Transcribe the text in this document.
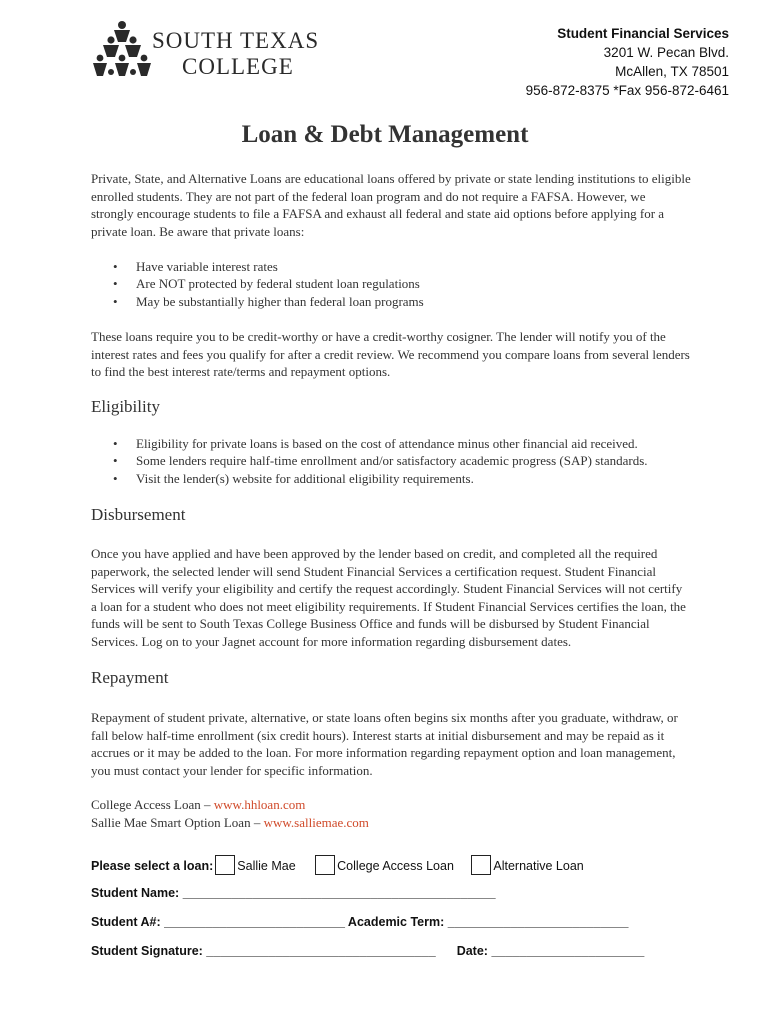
SOUTH TEXAS
COLLEGE
Student Financial Services
3201 W. Pecan Blvd.
McAllen, TX 78501
956-872-8375 *Fax 956-872-6461
Loan & Debt Management
Private, State, and Alternative Loans are educational loans offered by private or state lending institutions to eligible enrolled students. They are not part of the federal loan program and do not require a FAFSA. However, we strongly encourage students to file a FAFSA and exhaust all federal and state aid options before applying for a private loan. Be aware that private loans:
• Have variable interest rates
• Are NOT protected by federal student loan regulations
• May be substantially higher than federal loan programs
These loans require you to be credit-worthy or have a credit-worthy cosigner. The lender will notify you of the interest rates and fees you qualify for after a credit review. We recommend you compare loans from several lenders to find the best interest rate/terms and repayment options.
Eligibility
• Eligibility for private loans is based on the cost of attendance minus other financial aid received.
• Some lenders require half-time enrollment and/or satisfactory academic progress (SAP) standards.
• Visit the lender(s) website for additional eligibility requirements.
Disbursement
Once you have applied and have been approved by the lender based on credit, and completed all the required paperwork, the selected lender will send Student Financial Services a certification request. Student Financial Services will verify your eligibility and certify the request accordingly. Student Financial Services will not certify a loan for a student who does not meet eligibility requirements. If Student Financial Services certifies the loan, the funds will be sent to South Texas College Business Office and funds will be disbursed by Student Financial Services. Log on to your Jagnet account for more information regarding disbursement dates.
Repayment
Repayment of student private, alternative, or state loans often begins six months after you graduate, withdraw, or fall below half-time enrollment (six credit hours). Interest starts at initial disbursement and may be repaid as it accrues or it may be added to the loan. For more information regarding repayment option and loan management, you must contact your lender for specific information.
College Access Loan – www.hhloan.com
Sallie Mae Smart Option Loan – www.salliemae.com
Please select a loan: Sallie Mae	College Access Loan	Alternative Loan
Student Name: _____________________________________________
Student A#: __________________________ Academic Term: __________________________
Student Signature: _________________________________ Date: ______________________
